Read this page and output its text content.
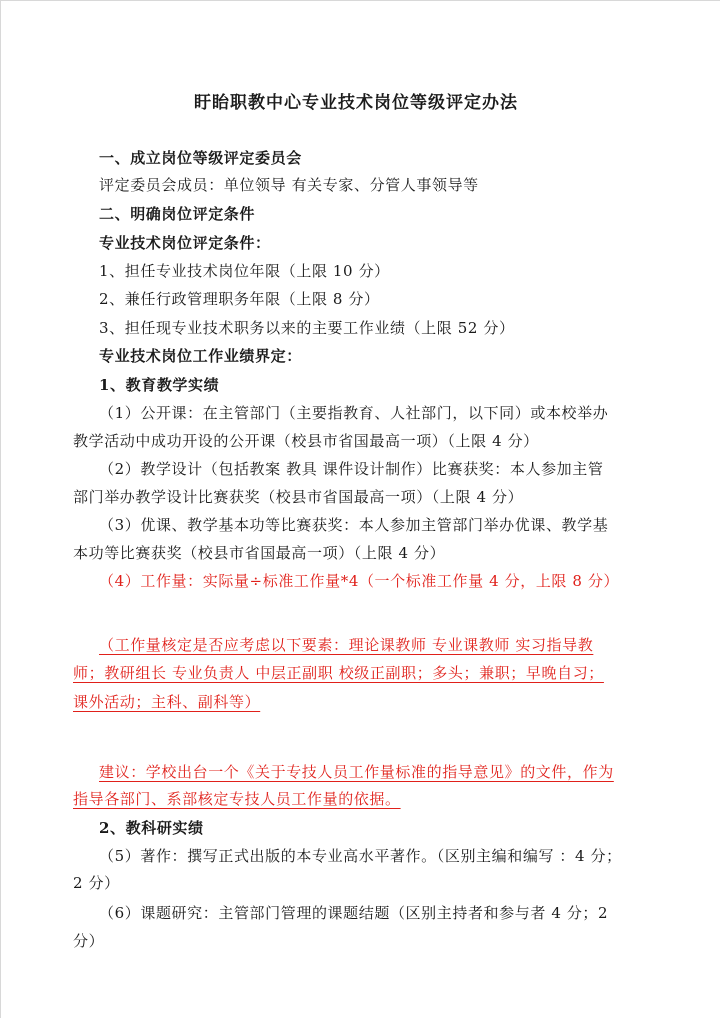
盱眙职教中心专业技术岗位等级评定办法
一、成立岗位等级评定委员会
评定委员会成员：单位领导 有关专家、分管人事领导等
二、明确岗位评定条件
专业技术岗位评定条件：
1、担任专业技术岗位年限（上限 10 分）
2、兼任行政管理职务年限（上限 8 分）
3、担任现专业技术职务以来的主要工作业绩（上限 52 分）
专业技术岗位工作业绩界定：
1、教育教学实绩
（1）公开课：在主管部门（主要指教育、人社部门，以下同）或本校举办
教学活动中成功开设的公开课（校县市省国最高一项）（上限 4 分）
（2）教学设计（包括教案 教具 课件设计制作）比赛获奖：本人参加主管
部门举办教学设计比赛获奖（校县市省国最高一项）（上限 4 分）
（3）优课、教学基本功等比赛获奖：本人参加主管部门举办优课、教学基
本功等比赛获奖（校县市省国最高一项）（上限 4 分）
（4）工作量：实际量÷标准工作量*4（一个标准工作量 4 分，上限 8 分）
（工作量核定是否应考虑以下要素：理论课教师 专业课教师 实习指导教
师；教研组长 专业负责人 中层正副职 校级正副职；多头；兼职；早晚自习；
课外活动；主科、副科等）
建议：学校出台一个《关于专技人员工作量标准的指导意见》的文件，作为
指导各部门、系部核定专技人员工作量的依据。
2、教科研实绩
（5）著作：撰写正式出版的本专业高水平著作。（区别主编和编写 ：4 分；
2 分）
（6）课题研究：主管部门管理的课题结题（区别主持者和参与者 4 分；2
分）
